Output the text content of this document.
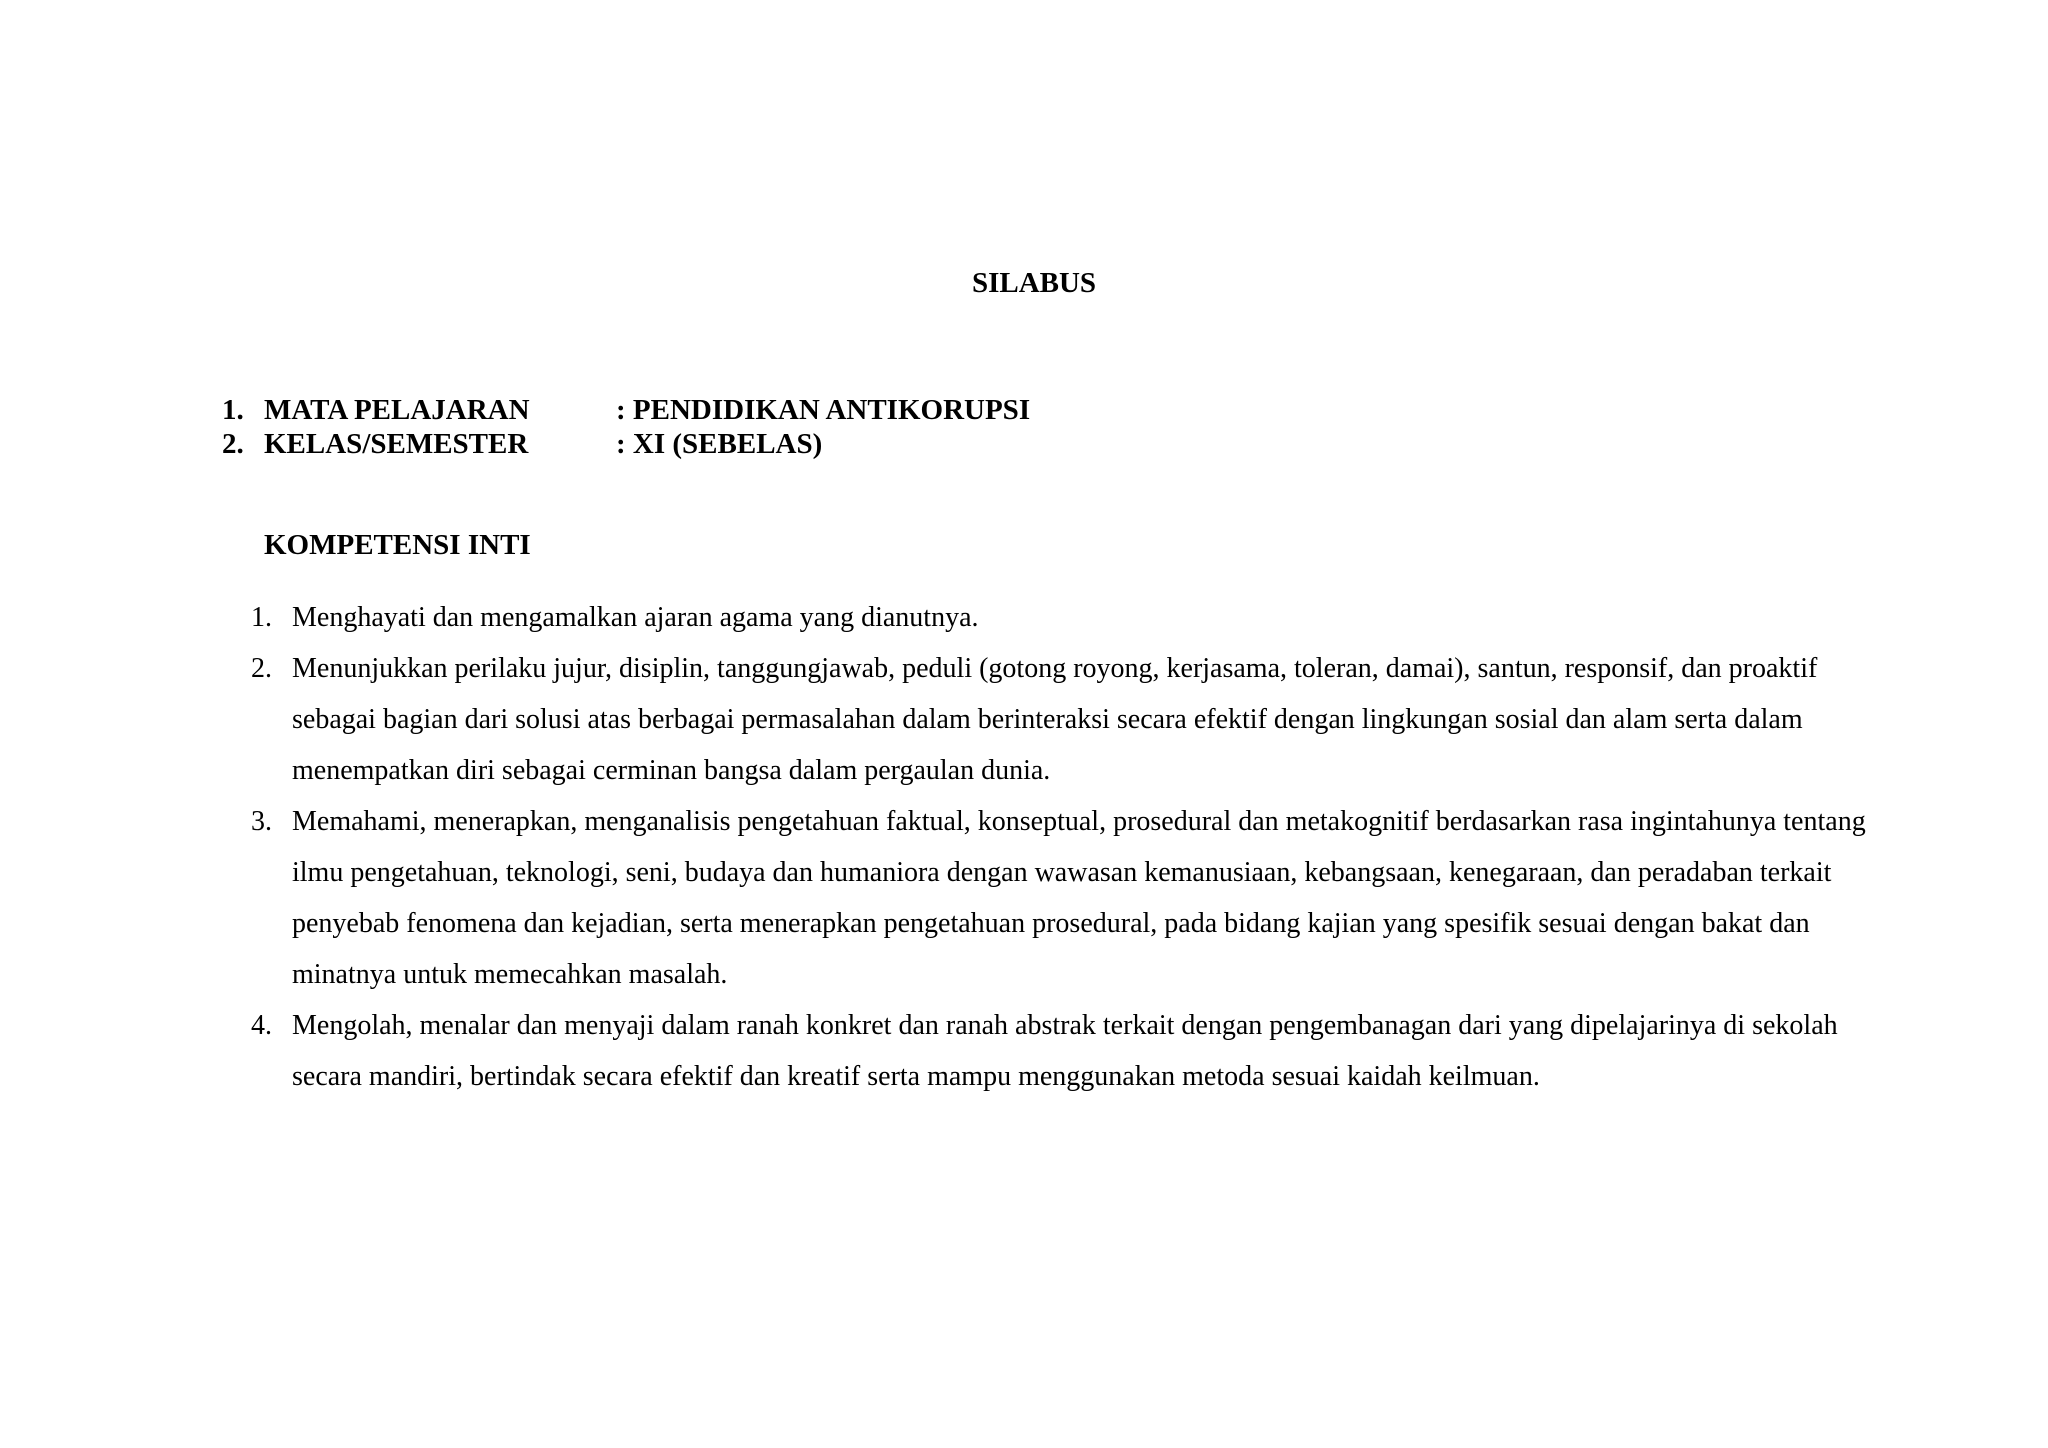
SILABUS
1. MATA PELAJARAN	: PENDIDIKAN ANTIKORUPSI
2. KELAS/SEMESTER	: XI (SEBELAS)
KOMPETENSI INTI
1. Menghayati dan mengamalkan ajaran agama yang dianutnya.
2. Menunjukkan perilaku jujur, disiplin, tanggungjawab, peduli (gotong royong, kerjasama, toleran, damai), santun, responsif, dan proaktif sebagai bagian dari solusi atas berbagai permasalahan dalam berinteraksi secara efektif dengan lingkungan sosial dan alam serta dalam menempatkan diri sebagai cerminan bangsa dalam pergaulan dunia.
3. Memahami, menerapkan, menganalisis pengetahuan faktual, konseptual, prosedural dan metakognitif berdasarkan rasa ingintahunya tentang ilmu pengetahuan, teknologi, seni, budaya dan humaniora dengan wawasan kemanusiaan, kebangsaan, kenegaraan, dan peradaban terkait penyebab fenomena dan kejadian, serta menerapkan pengetahuan prosedural, pada bidang kajian yang spesifik sesuai dengan bakat dan minatnya untuk memecahkan masalah.
4. Mengolah, menalar dan menyaji dalam ranah konkret dan ranah abstrak terkait dengan pengembanagan dari yang dipelajarinya di sekolah secara mandiri, bertindak secara efektif dan kreatif serta mampu menggunakan metoda sesuai kaidah keilmuan.
